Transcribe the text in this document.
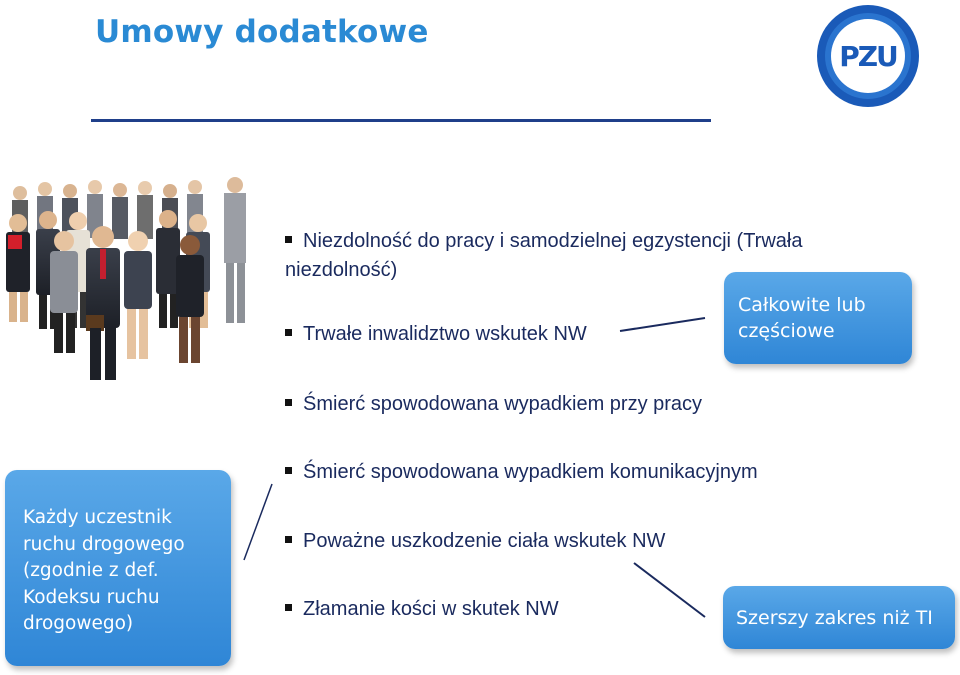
Umowy dodatkowe
PZU
Niezdolność do pracy i samodzielnej egzystencji (Trwała
niezdolność)
Trwałe inwalidztwo wskutek NW
Śmierć spowodowana wypadkiem przy pracy
Śmierć spowodowana wypadkiem komunikacyjnym
Poważne uszkodzenie ciała wskutek NW
Złamanie kości w skutek NW
Całkowite lub
częściowe
Każdy uczestnik
ruchu drogowego
(zgodnie z def.
Kodeksu ruchu
drogowego)	Szerszy zakres niż TI
